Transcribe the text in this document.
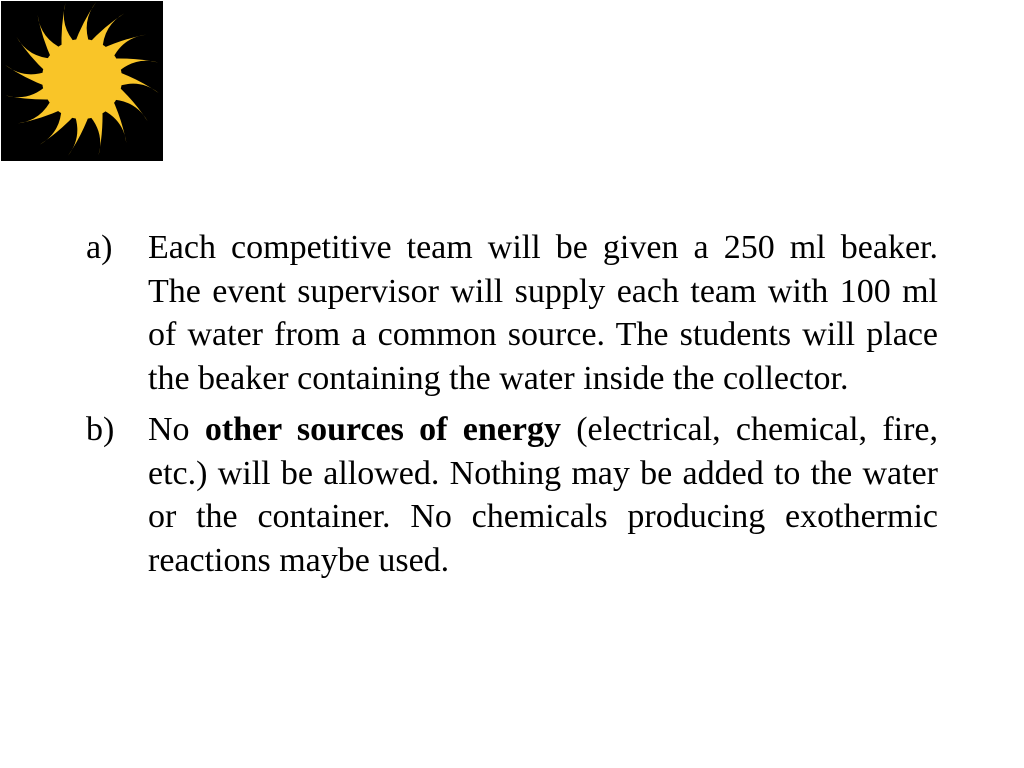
a)	Each competitive team will be given a 250 ml beaker. The event supervisor will supply each team with 100 ml of water from a common source. The students will place the beaker containing the water inside the collector.
b) No other sources of energy (electrical, chemical, fire, etc.) will be allowed. Nothing may be added to the water or the container. No chemicals producing exothermic reactions maybe used.
